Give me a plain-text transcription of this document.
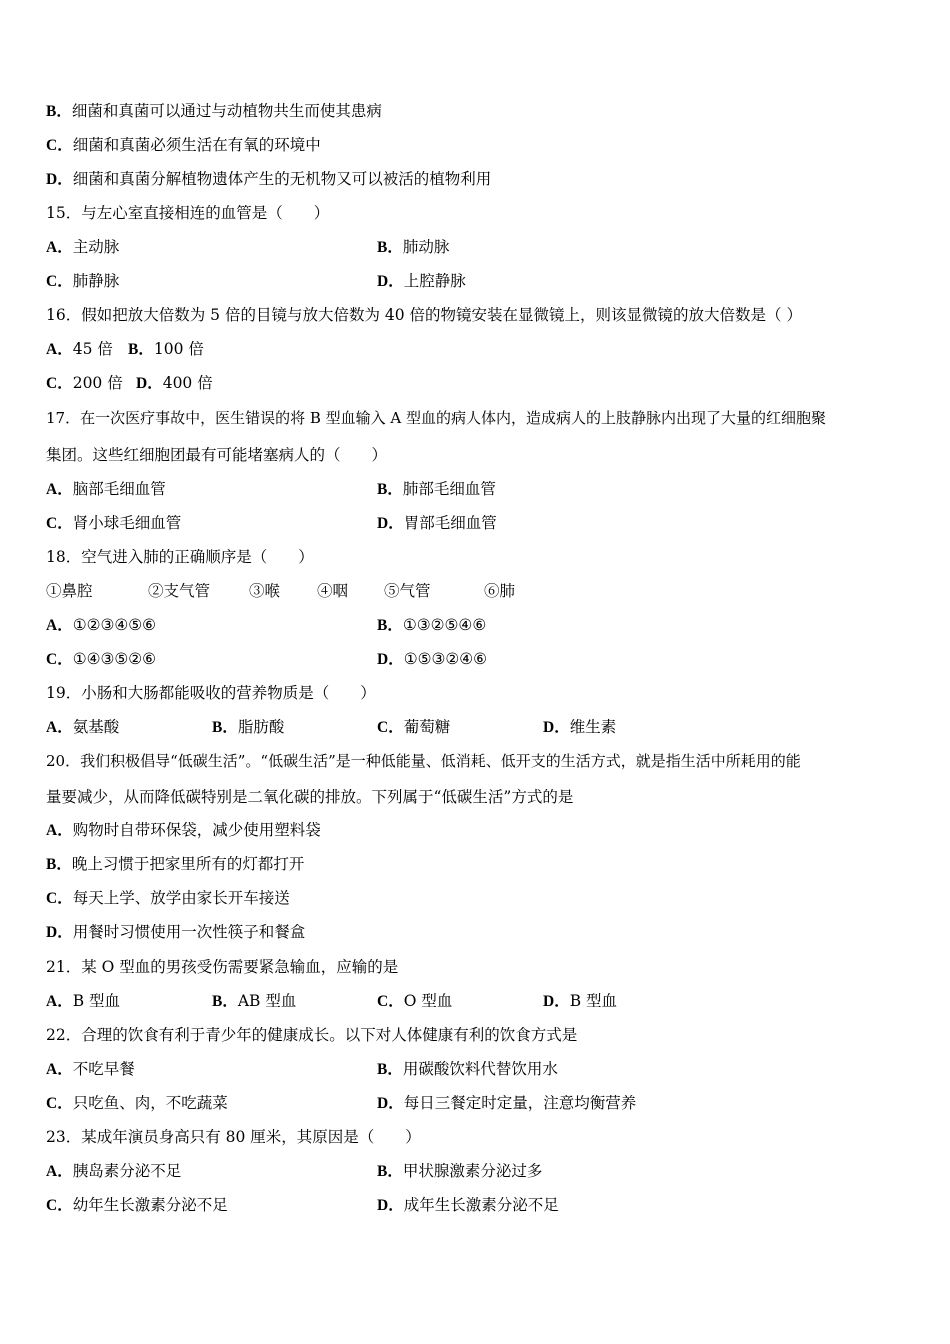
B．细菌和真菌可以通过与动植物共生而使其患病
C．细菌和真菌必须生活在有氧的环境中
D．细菌和真菌分解植物遗体产生的无机物又可以被活的植物利用
15．与左心室直接相连的血管是（　　）
A．主动脉	B．肺动脉
C．肺静脉	D．上腔静脉
16．假如把放大倍数为 5 倍的目镜与放大倍数为 40 倍的物镜安装在显微镜上，则该显微镜的放大倍数是（ ）
A．45 倍 B．100 倍
C．200 倍 D．400 倍
17．在一次医疗事故中，医生错误的将 B 型血输入 A 型血的病人体内，造成病人的上肢静脉内出现了大量的红细胞聚
集团。这些红细胞团最有可能堵塞病人的（　　）
A．脑部毛细血管	B．肺部毛细血管
C．肾小球毛细血管	D．胃部毛细血管
18．空气进入肺的正确顺序是（　　）
①鼻腔	②支气管	③喉 ④咽 ⑤气管	⑥肺
A．①②③④⑤⑥	B．①③②⑤④⑥
C．①④③⑤②⑥	D．①⑤③②④⑥
19．小肠和大肠都能吸收的营养物质是（　　）
A．氨基酸	B．脂肪酸	C．葡萄糖	D．维生素
20．我们积极倡导“低碳生活”。“低碳生活”是一种低能量、低消耗、低开支的生活方式，就是指生活中所耗用的能
量要减少，从而降低碳特别是二氧化碳的排放。下列属于“低碳生活”方式的是
A．购物时自带环保袋，减少使用塑料袋
B．晚上习惯于把家里所有的灯都打开
C．每天上学、放学由家长开车接送
D．用餐时习惯使用一次性筷子和餐盒
21．某 O 型血的男孩受伤需要紧急输血，应输的是
A．B 型血	B．AB 型血	C．O 型血	D．B 型血
22．合理的饮食有利于青少年的健康成长。以下对人体健康有利的饮食方式是
A．不吃早餐	B．用碳酸饮料代替饮用水
C．只吃鱼、肉，不吃蔬菜	D．每日三餐定时定量，注意均衡营养
23．某成年演员身高只有 80 厘米，其原因是（　　）
A．胰岛素分泌不足	B．甲状腺激素分泌过多
C．幼年生长激素分泌不足	D．成年生长激素分泌不足
